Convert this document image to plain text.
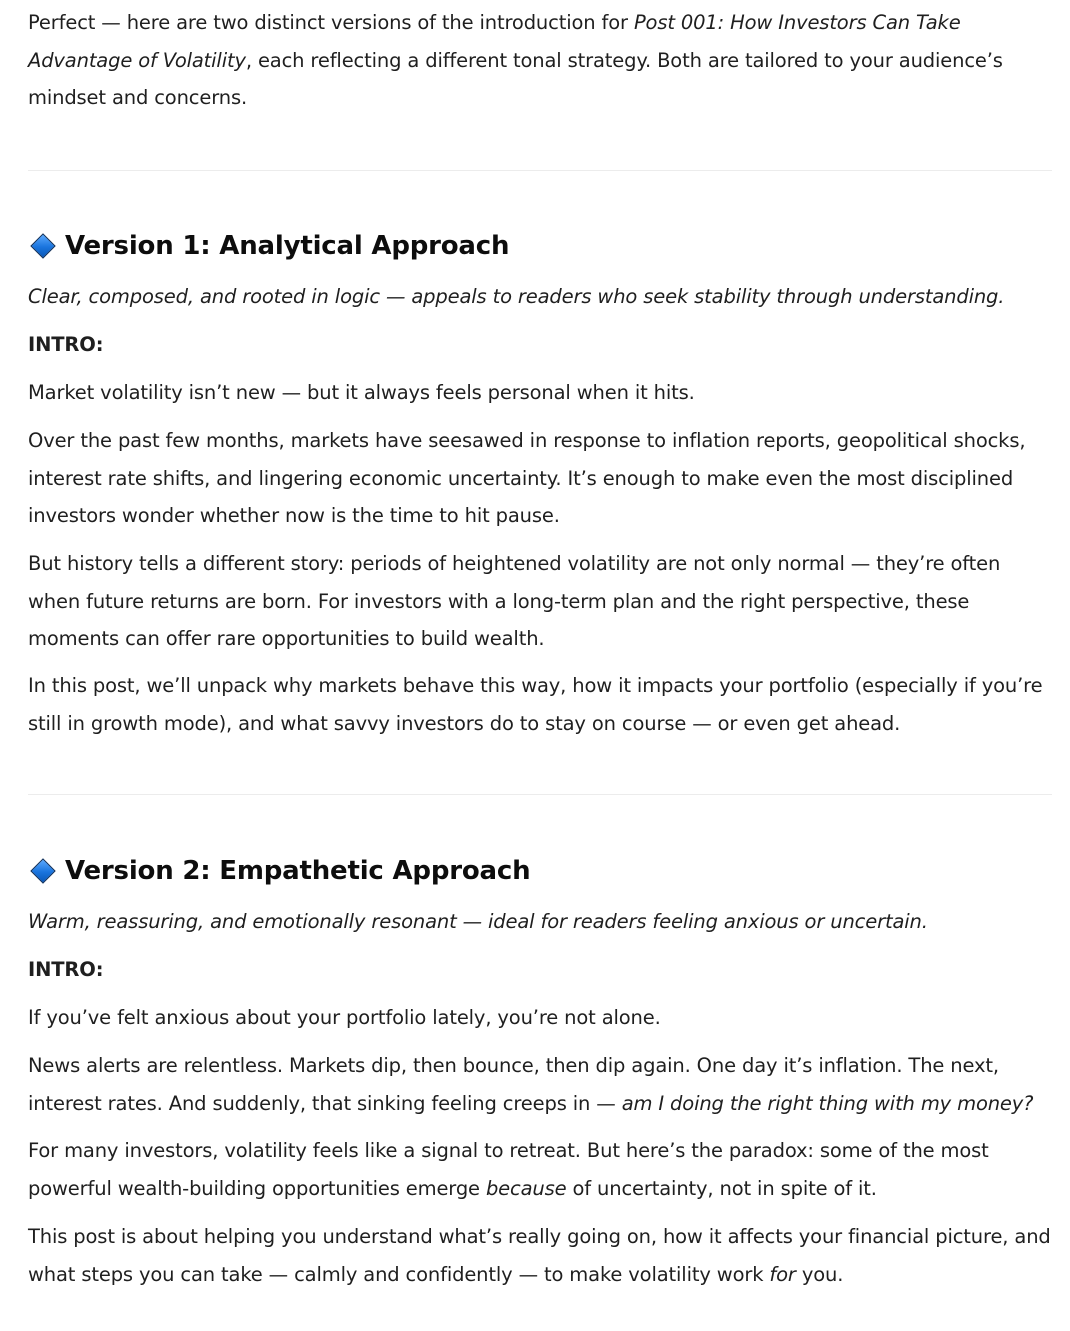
Perfect — here are two distinct versions of the introduction for Post 001: How Investors Can Take Advantage of Volatility, each reflecting a different tonal strategy. Both are tailored to your audience’s mindset and concerns.

Version 1: Analytical Approach

Clear, composed, and rooted in logic — appeals to readers who seek stability through understanding.

INTRO:

Market volatility isn’t new — but it always feels personal when it hits.

Over the past few months, markets have seesawed in response to inflation reports, geopolitical shocks, interest rate shifts, and lingering economic uncertainty. It’s enough to make even the most disciplined investors wonder whether now is the time to hit pause.

But history tells a different story: periods of heightened volatility are not only normal — they’re often when future returns are born. For investors with a long-term plan and the right perspective, these moments can offer rare opportunities to build wealth.

In this post, we’ll unpack why markets behave this way, how it impacts your portfolio (especially if you’re still in growth mode), and what savvy investors do to stay on course — or even get ahead.

Version 2: Empathetic Approach

Warm, reassuring, and emotionally resonant — ideal for readers feeling anxious or uncertain.

INTRO:

If you’ve felt anxious about your portfolio lately, you’re not alone.

News alerts are relentless. Markets dip, then bounce, then dip again. One day it’s inflation. The next, interest rates. And suddenly, that sinking feeling creeps in — am I doing the right thing with my money?

For many investors, volatility feels like a signal to retreat. But here’s the paradox: some of the most powerful wealth-building opportunities emerge because of uncertainty, not in spite of it.

This post is about helping you understand what’s really going on, how it affects your financial picture, and what steps you can take — calmly and confidently — to make volatility work for you.
